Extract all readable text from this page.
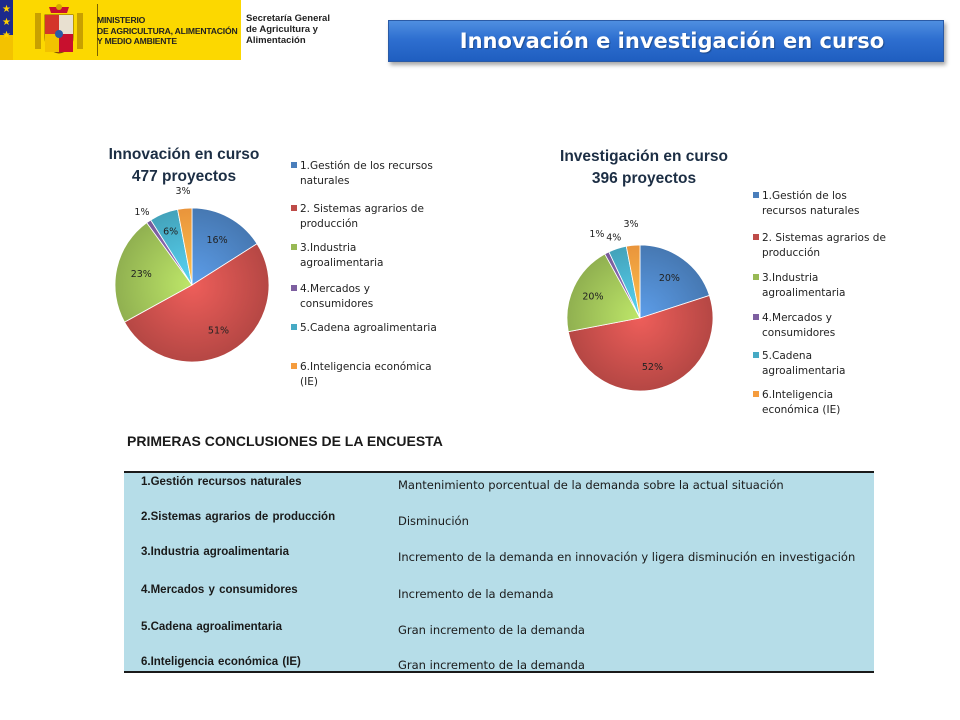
★
★
★
MINISTERIO
DE AGRICULTURA, ALIMENTACIÓN
Y MEDIO AMBIENTE
Secretaría General
de Agricultura y
Alimentación	Innovación e investigación en curso
Innovación en curso
477 proyectos
16%
51%
23%
1%
6%
3%
1.Gestión de los recursos
naturales
2. Sistemas agrarios de
producción
3.Industria
agroalimentaria
4.Mercados y
consumidores
5.Cadena agroalimentaria
6.Inteligencia económica
(IE)
Investigación en curso
396 proyectos
20%
52%
20%
1% 4%
3%
1.Gestión de los
recursos naturales
2. Sistemas agrarios de
producción
3.Industria
agroalimentaria
4.Mercados y
consumidores
5.Cadena
agroalimentaria
6.Inteligencia
económica (IE)
PRIMERAS CONCLUSIONES DE LA ENCUESTA
1.Gestión recursos naturales	Mantenimiento porcentual de la demanda sobre la actual situación
2.Sistemas agrarios de producción	Disminución
3.Industria agroalimentaria	Incremento de la demanda en innovación y ligera disminución en investigación
4.Mercados y consumidores	Incremento de la demanda
5.Cadena agroalimentaria	Gran incremento de la demanda
6.Inteligencia económica (IE)	Gran incremento de la demanda
